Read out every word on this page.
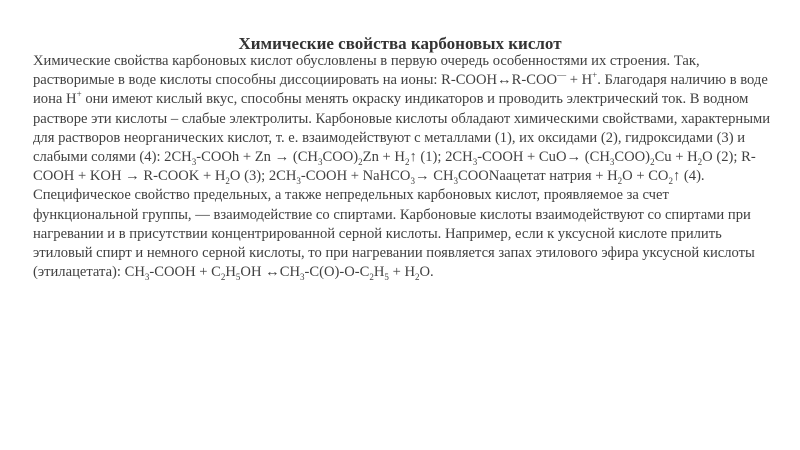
Химические свойства карбоновых кислот

Химические свойства карбоновых кислот обусловлены в первую очередь особенностями их строения. Так, растворимые в воде кислоты способны диссоциировать на ионы: R-COOH↔R-COO— + H+. Благодаря наличию в воде иона H+ они имеют кислый вкус, способны менять окраску индикаторов и проводить электрический ток. В водном растворе эти кислоты – слабые электролиты. Карбоновые кислоты обладают химическими свойствами, характерными для растворов неорганических кислот, т. е. взаимодействуют с металлами (1), их оксидами (2), гидроксидами (3) и слабыми солями (4): $2CH_3$-COOh + $Zn \to (CH_3COO)_2Zn$ + $H_2↑$ (1); $2CH_3$-COOH + $CuO\to (CH_3COO)_2Cu + H_2O$ (2); R-COOH + KOH → R-COOK + $H_2O$ (3); $2CH_3$-COOH + NaHCO$_3$→ $CH_3COONaацетат$ натрия + $H_2O$ + $CO_2↑$ (4). Специфическое свойство предельных, а также непредельных карбоновых кислот, проявляемое за счет функциональной группы, — взаимодействие со спиртами. Карбоновые кислоты взаимодействуют со спиртами при нагревании и в присутствии концентрированной серной кислоты. Например, если к уксусной кислоте прилить этиловый спирт и немного серной кислоты, то при нагревании появляется запах этилового эфира уксусной кислоты (этилацетата): $CH_3$-COOH + $C_2H_5OH$ $\leftrightarrow CH_3-C(O)-O-C_2H_5 + H_2O$.
